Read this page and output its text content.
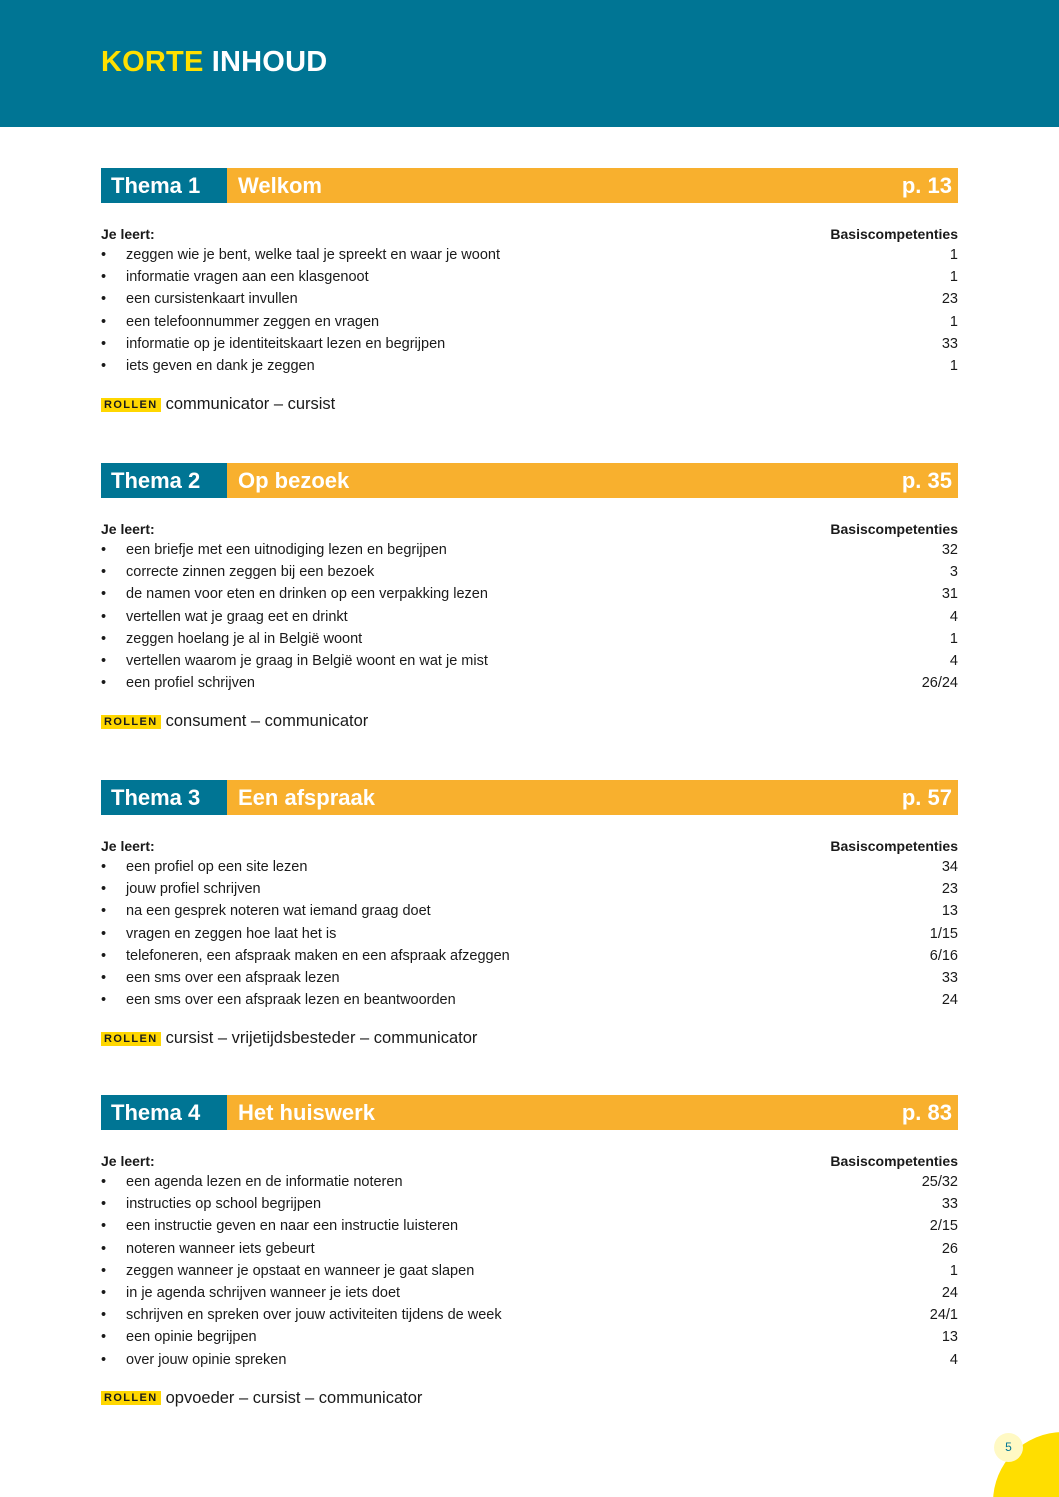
KORTE INHOUD
Thema 1	Welkom	p. 13
Je leert:	Basiscompetenties
•	zeggen wie je bent, welke taal je spreekt en waar je woont	1
•	informatie vragen aan een klasgenoot	1
•	een cursistenkaart invullen	23
•	een telefoonnummer zeggen en vragen	1
•	informatie op je identiteitskaart lezen en begrijpen	33
•	iets geven en dank je zeggen	1
ROLLEN communicator – cursist
Thema 2	Op bezoek	p. 35
Je leert:	Basiscompetenties
•	een briefje met een uitnodiging lezen en begrijpen	32
•	correcte zinnen zeggen bij een bezoek	3
•	de namen voor eten en drinken op een verpakking lezen	31
•	vertellen wat je graag eet en drinkt	4
•	zeggen hoelang je al in België woont	1
•	vertellen waarom je graag in België woont en wat je mist	4
•	een profiel schrijven	26/24
ROLLEN consument – communicator
Thema 3	Een afspraak	p. 57
Je leert:	Basiscompetenties
•	een profiel op een site lezen	34
•	jouw profiel schrijven	23
•	na een gesprek noteren wat iemand graag doet	13
•	vragen en zeggen hoe laat het is	1/15
•	telefoneren, een afspraak maken en een afspraak afzeggen	6/16
•	een sms over een afspraak lezen	33
•	een sms over een afspraak lezen en beantwoorden	24
ROLLEN cursist – vrijetijdsbesteder – communicator
Thema 4	Het huiswerk	p. 83
Je leert:	Basiscompetenties
•	een agenda lezen en de informatie noteren	25/32
•	instructies op school begrijpen	33
•	een instructie geven en naar een instructie luisteren	2/15
•	noteren wanneer iets gebeurt	26
•	zeggen wanneer je opstaat en wanneer je gaat slapen	1
•	in je agenda schrijven wanneer je iets doet	24
•	schrijven en spreken over jouw activiteiten tijdens de week	24/1
•	een opinie begrijpen	13
•	over jouw opinie spreken	4
ROLLEN opvoeder – cursist – communicator
5
